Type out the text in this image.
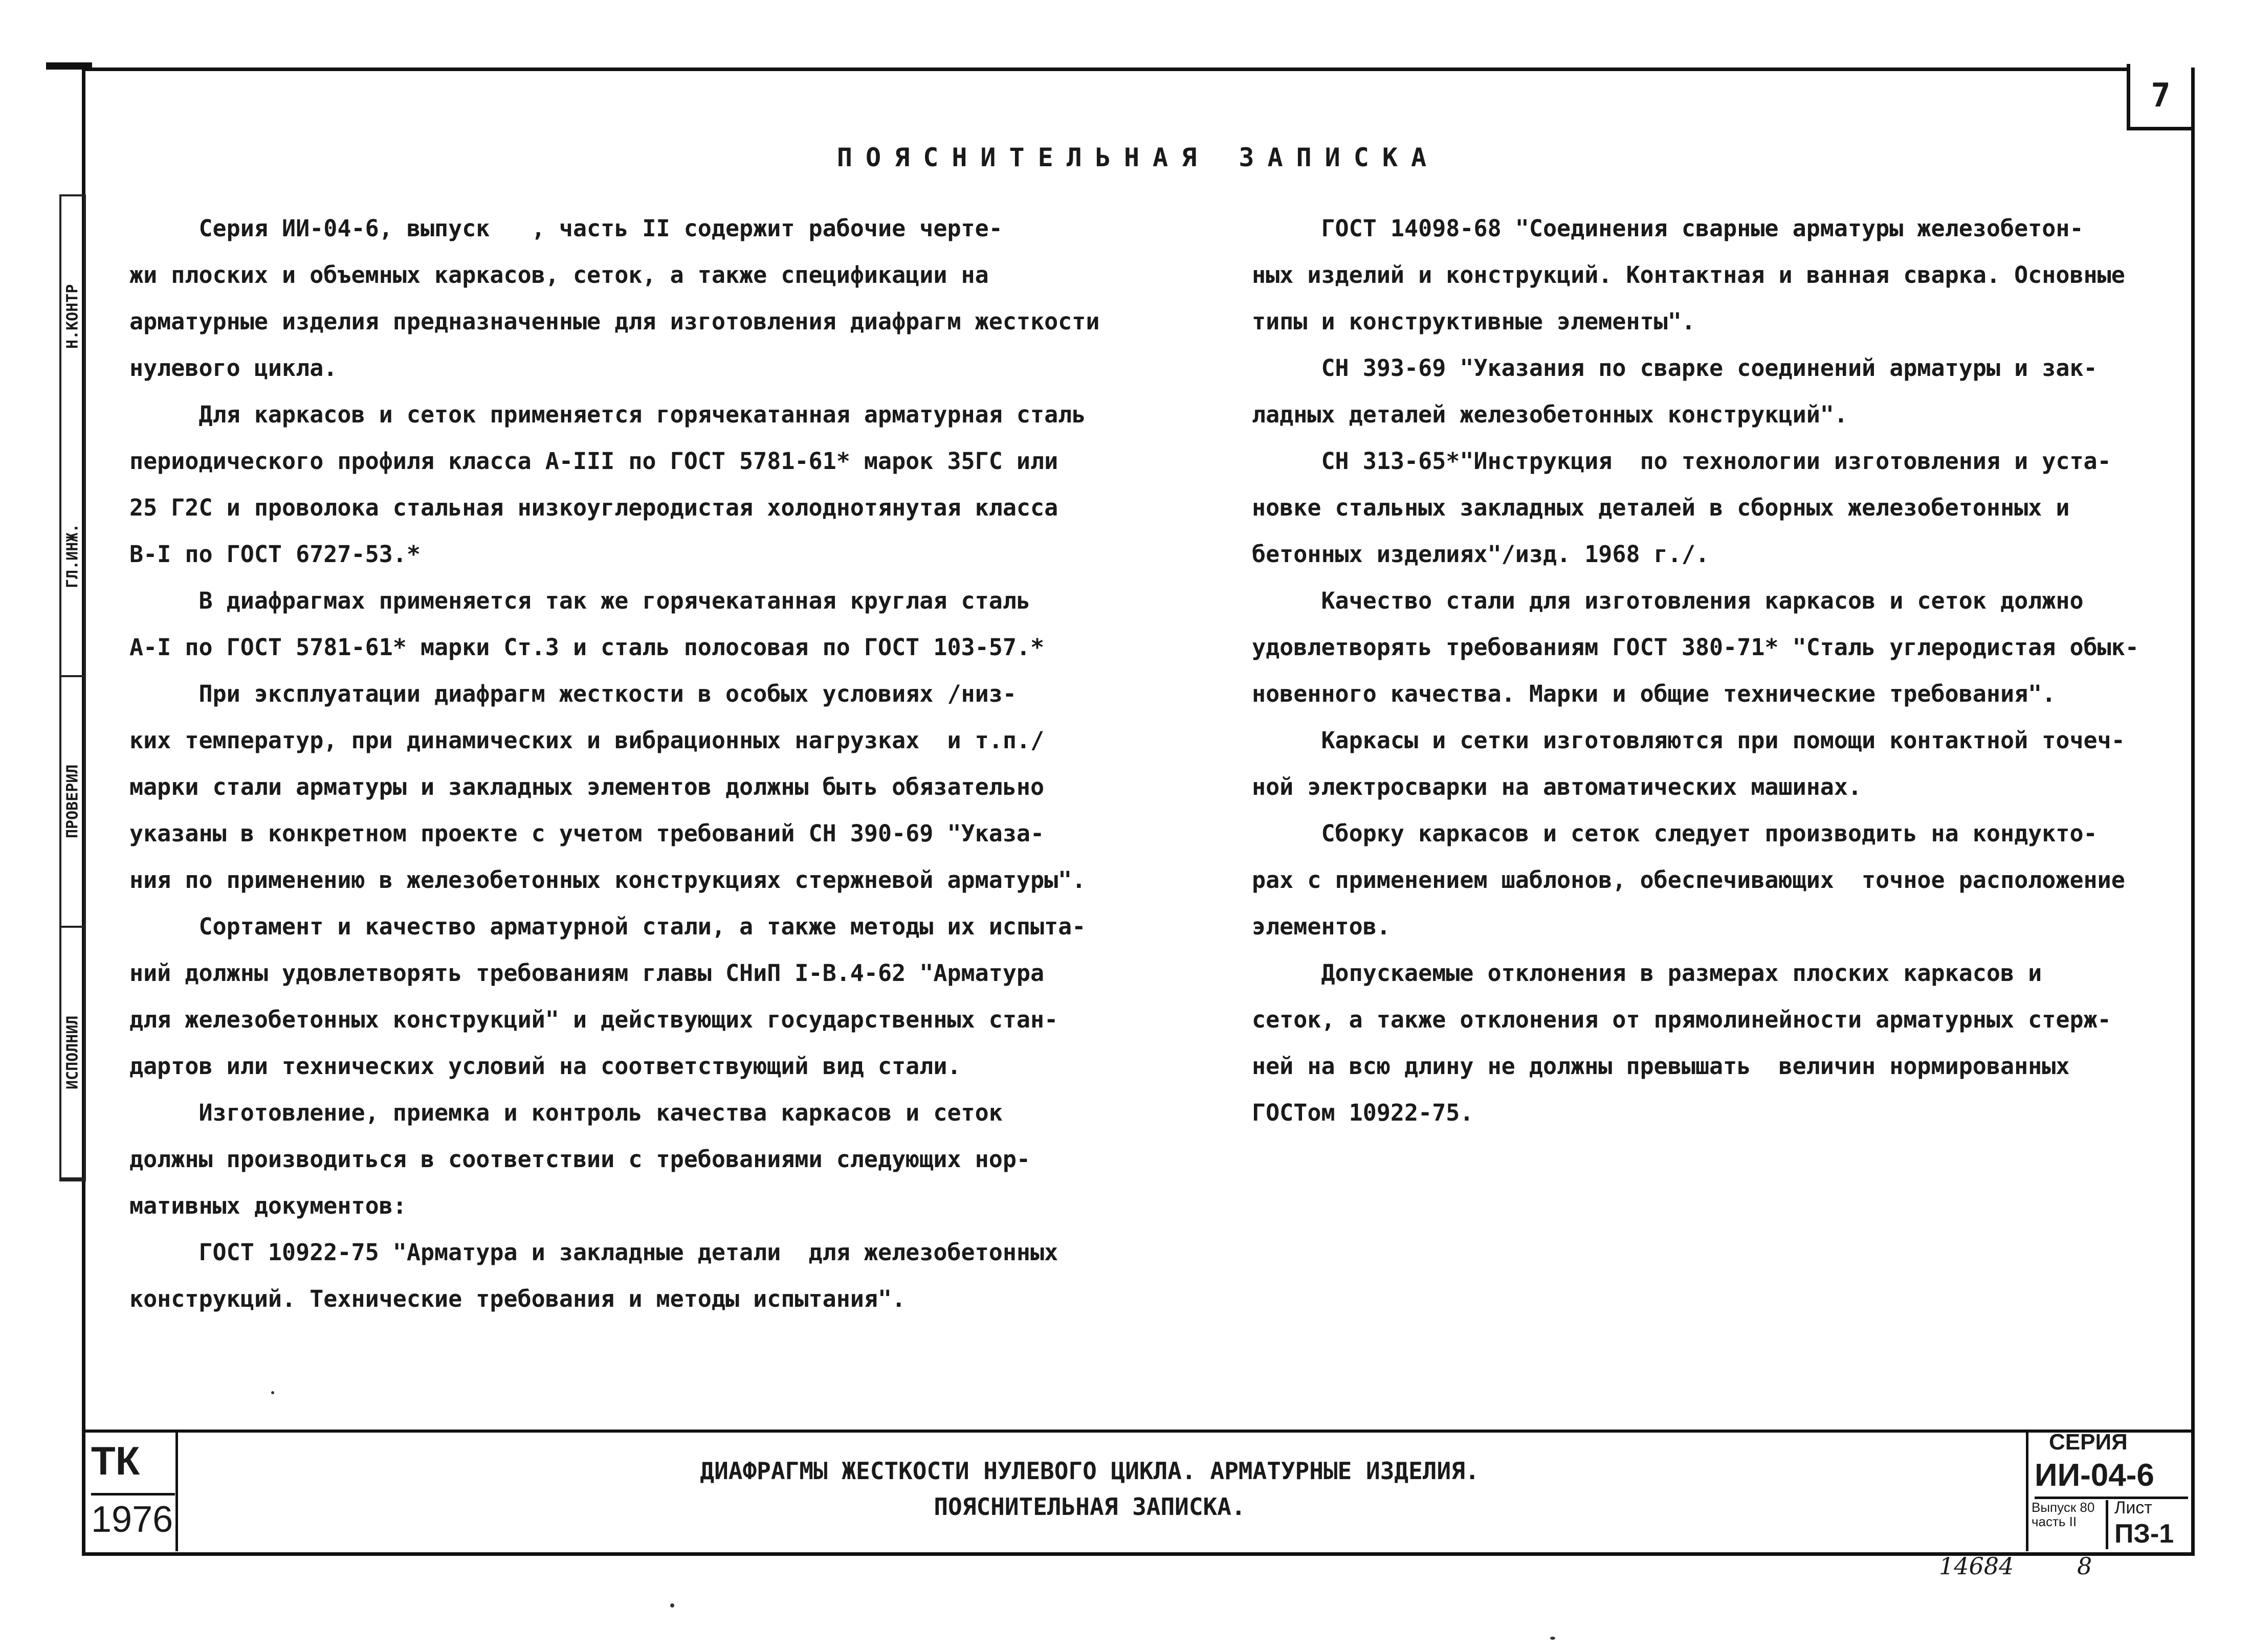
7
ПОЯСНИТЕЛЬНАЯ ЗАПИСКА
Серия ИИ-04-6, выпуск   , часть II содержит рабочие черте-
жи плоских и объемных каркасов, сеток, а также спецификации на
арматурные изделия предназначенные для изготовления диафрагм жесткости
нулевого цикла.
Для каркасов и сеток применяется горячекатанная арматурная сталь
периодического профиля класса А-III по ГОСТ 5781-61* марок 35ГС или
25 Г2С и проволока стальная низкоуглеродистая холоднотянутая класса
В-I по ГОСТ 6727-53.*
В диафрагмах применяется так же горячекатанная круглая сталь
А-I по ГОСТ 5781-61* марки Ст.3 и сталь полосовая по ГОСТ 103-57.*
При эксплуатации диафрагм жесткости в особых условиях /низ-
ких температур, при динамических и вибрационных нагрузках  и т.п./
марки стали арматуры и закладных элементов должны быть обязательно
указаны в конкретном проекте с учетом требований СН 390-69 "Указа-
ния по применению в железобетонных конструкциях стержневой арматуры".
Сортамент и качество арматурной стали, а также методы их испыта-
ний должны удовлетворять требованиям главы СНиП I-В.4-62 "Арматура
для железобетонных конструкций" и действующих государственных стан-
дартов или технических условий на соответствующий вид стали.
Изготовление, приемка и контроль качества каркасов и сеток
должны производиться в соответствии с требованиями следующих нор-
мативных документов:
ГОСТ 10922-75 "Арматура и закладные детали  для железобетонных
конструкций. Технические требования и методы испытания".
ГОСТ 14098-68 "Соединения сварные арматуры железобетон-
ных изделий и конструкций. Контактная и ванная сварка. Основные
типы и конструктивные элементы".
СН 393-69 "Указания по сварке соединений арматуры и зак-
ладных деталей железобетонных конструкций".
СН 313-65*"Инструкция  по технологии изготовления и уста-
новке стальных закладных деталей в сборных железобетонных и
бетонных изделиях"/изд. 1968 г./.
Качество стали для изготовления каркасов и сеток должно
удовлетворять требованиям ГОСТ 380-71* "Сталь углеродистая обык-
новенного качества. Марки и общие технические требования".
Каркасы и сетки изготовляются при помощи контактной точеч-
ной электросварки на автоматических машинах.
Сборку каркасов и сеток следует производить на кондукто-
рах с применением шаблонов, обеспечивающих  точное расположение
элементов.
Допускаемые отклонения в размерах плоских каркасов и
сеток, а также отклонения от прямолинейности арматурных стерж-
ней на всю длину не должны превышать  величин нормированных
ГОСТом 10922-75.
Н.КОНТР
ГЛ.ИНЖ.
ПРОВЕРИЛ
ИСПОЛНИЛ
ТК
1976
ДИАФРАГМЫ ЖЕСТКОСТИ НУЛЕВОГО ЦИКЛА. АРМАТУРНЫЕ ИЗДЕЛИЯ.
ПОЯСНИТЕЛЬНАЯ ЗАПИСКА.
СЕРИЯ
ИИ-04-6
Выпуск 80 часть II
Лист
ПЗ-1
14684	8
